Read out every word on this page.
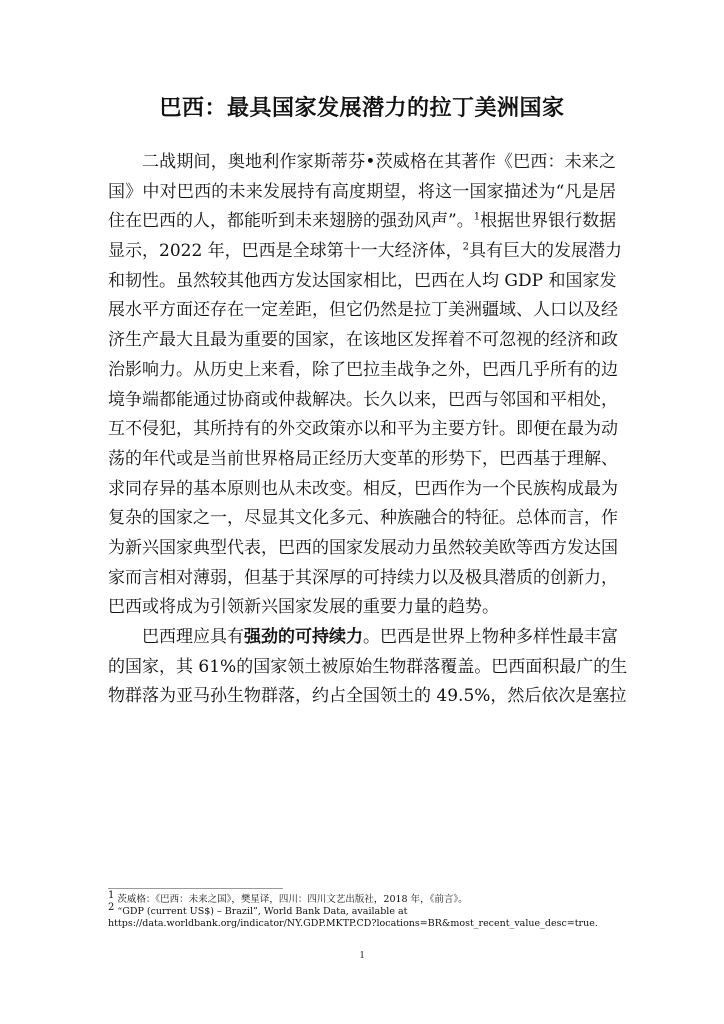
巴西：最具国家发展潜力的拉丁美洲国家
二战期间，奥地利作家斯蒂芬•茨威格在其著作《巴西：未来之
国》中对巴西的未来发展持有高度期望，将这一国家描述为“凡是居
住在巴西的人，都能听到未来翅膀的强劲风声”。$^1$根据世界银行数据
显示，2022 年，巴西是全球第十一大经济体，$^2$具有巨大的发展潜力
和韧性。虽然较其他西方发达国家相比，巴西在人均 GDP 和国家发
展水平方面还存在一定差距，但它仍然是拉丁美洲疆域、人口以及经
济生产最大且最为重要的国家，在该地区发挥着不可忽视的经济和政
治影响力。从历史上来看，除了巴拉圭战争之外，巴西几乎所有的边
境争端都能通过协商或仲裁解决。长久以来，巴西与邻国和平相处，
互不侵犯，其所持有的外交政策亦以和平为主要方针。即便在最为动
荡的年代或是当前世界格局正经历大变革的形势下，巴西基于理解、
求同存异的基本原则也从未改变。相反，巴西作为一个民族构成最为
复杂的国家之一，尽显其文化多元、种族融合的特征。总体而言，作
为新兴国家典型代表，巴西的国家发展动力虽然较美欧等西方发达国
家而言相对薄弱，但基于其深厚的可持续力以及极具潜质的创新力，
巴西或将成为引领新兴国家发展的重要力量的趋势。
巴西理应具有强劲的可持续力。巴西是世界上物种多样性最丰富
的国家，其 61%的国家领土被原始生物群落覆盖。巴西面积最广的生
物群落为亚马孙生物群落，约占全国领土的 49.5%，然后依次是塞拉
1 茨威格：《巴西：未来之国》，樊星译，四川：四川文艺出版社，2018 年，《前言》。
2 “GDP (current US$) – Brazil”, World Bank Data, available at
https://data.worldbank.org/indicator/NY.GDP.MKTP.CD?locations=BR&most_recent_value_desc=true.
1
